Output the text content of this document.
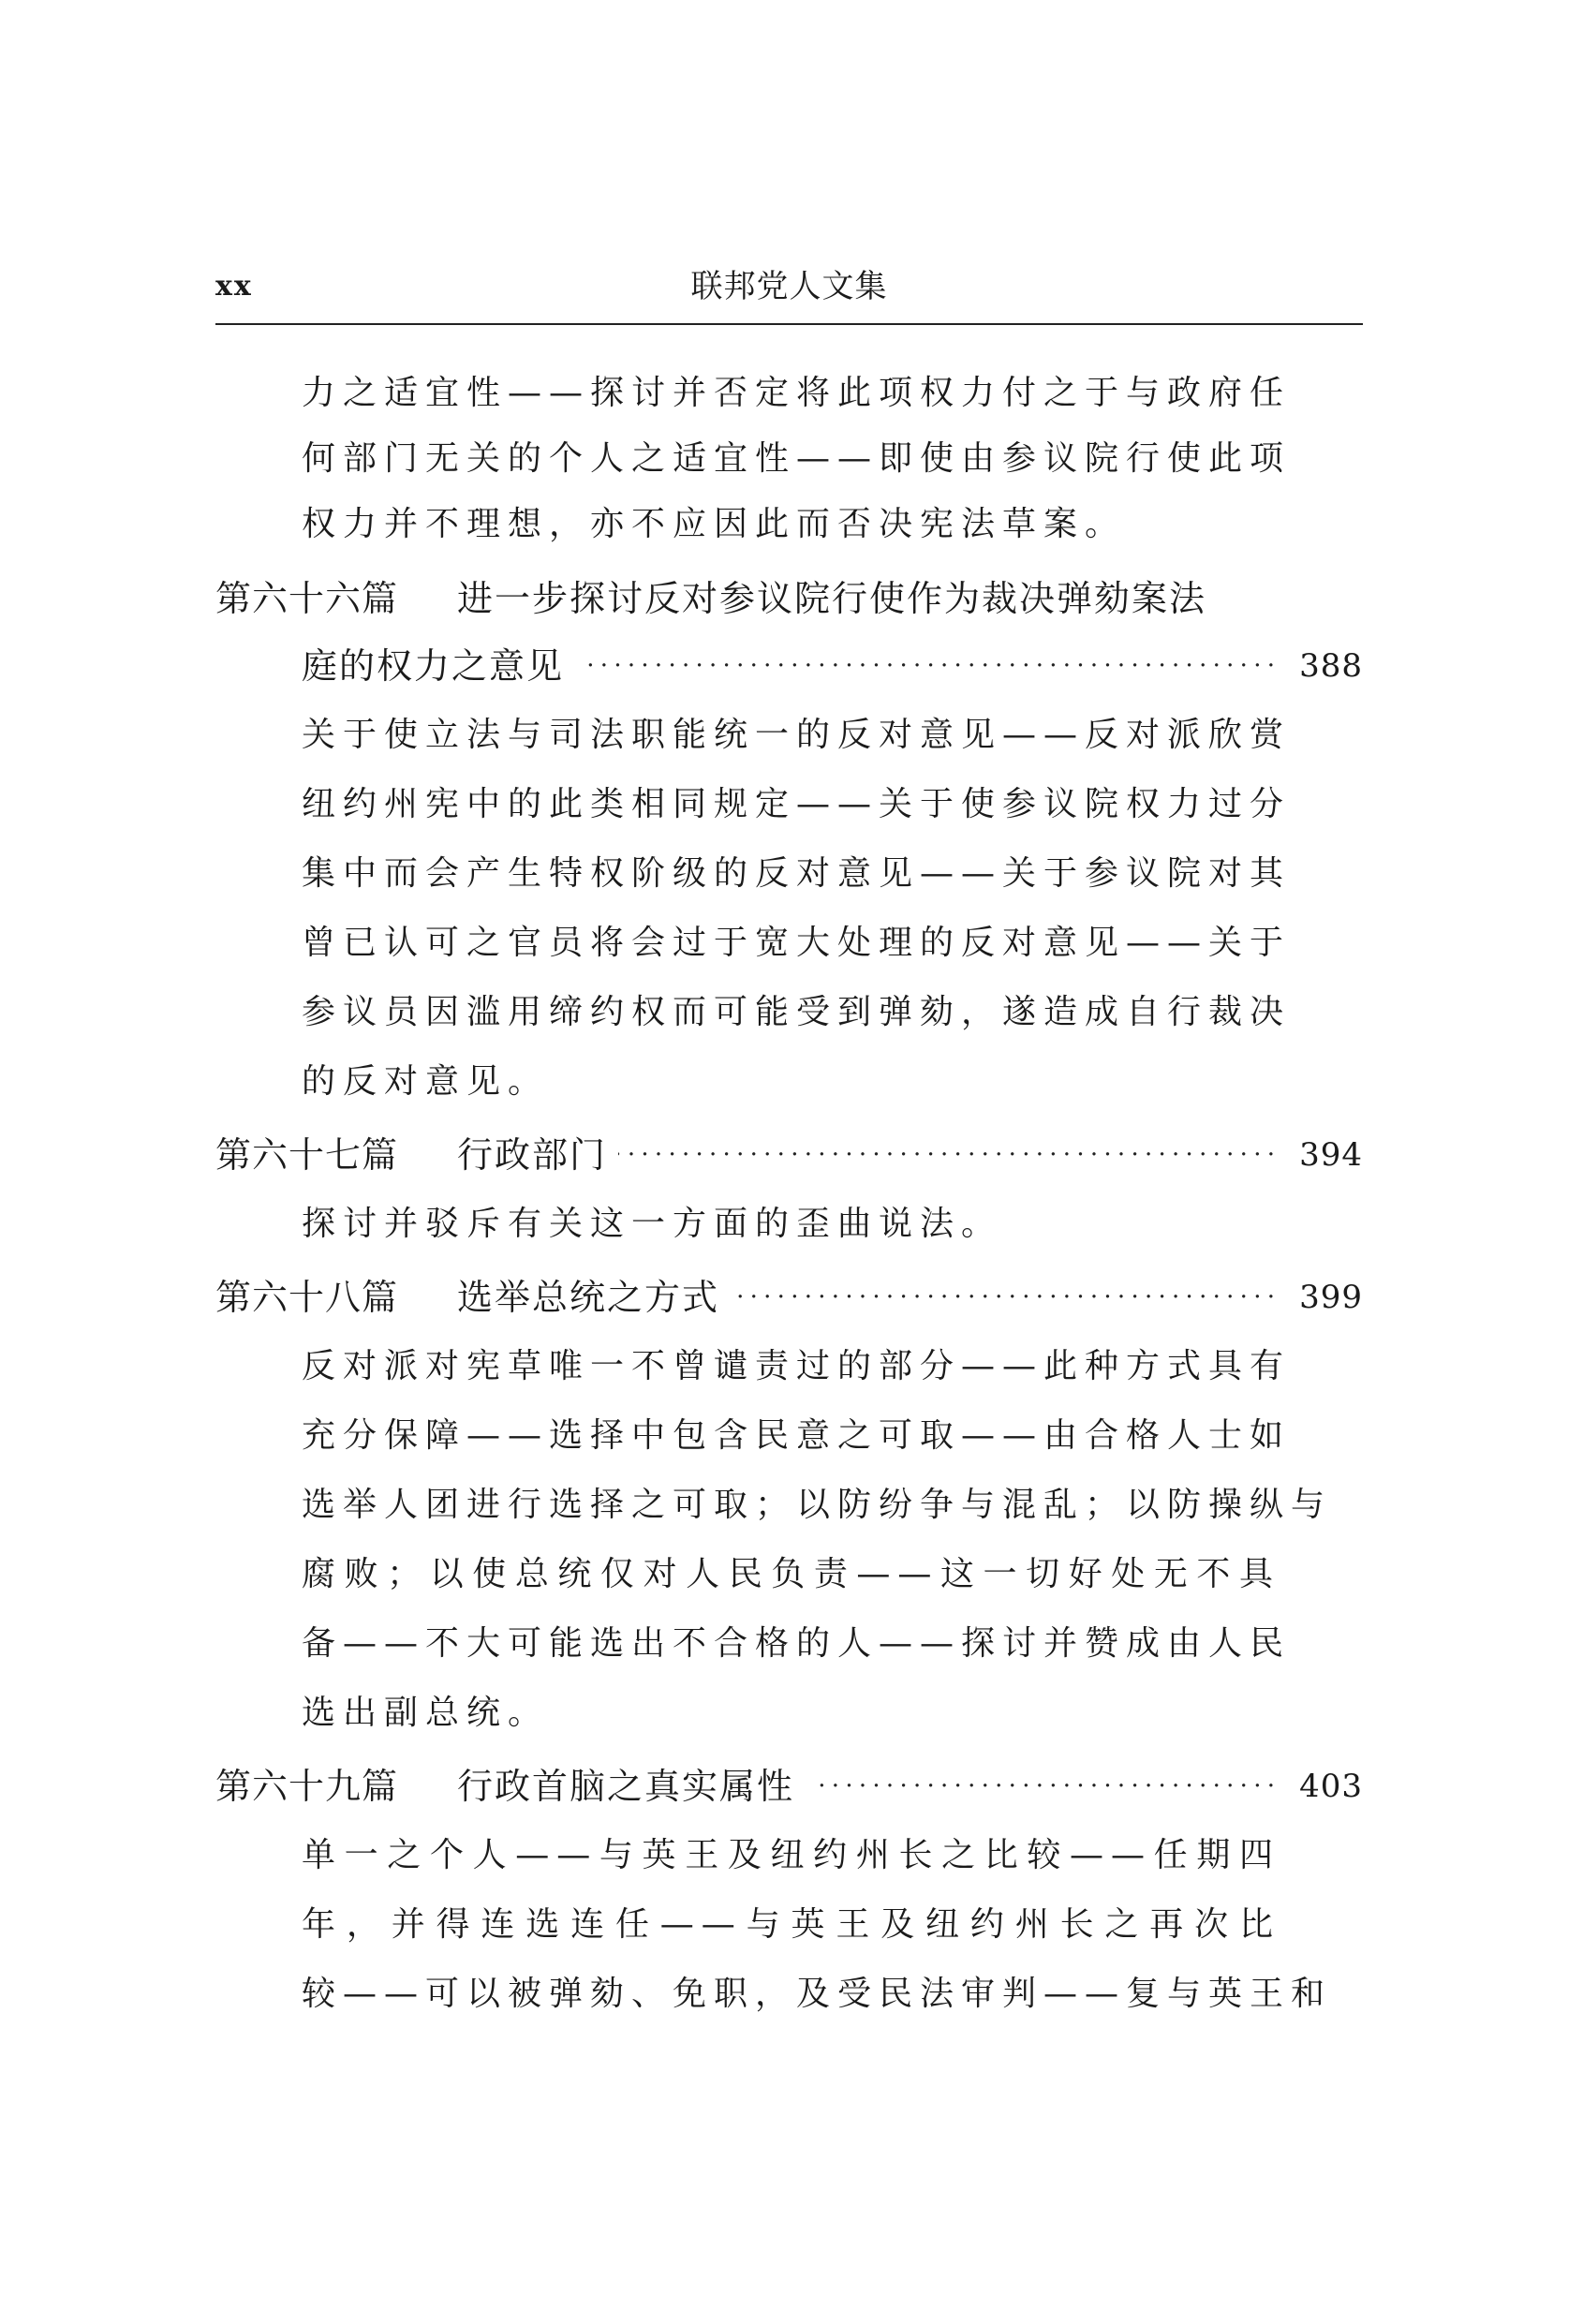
xx	联邦党人文集
力之适宜性——探讨并否定将此项权力付之于与政府任
何部门无关的个人之适宜性——即使由参议院行使此项
权力并不理想，亦不应因此而否决宪法草案。
第六十六篇 进一步探讨反对参议院行使作为裁决弹劾案法
庭的权力之意见 · · ·	388
关于使立法与司法职能统一的反对意见——反对派欣赏
纽约州宪中的此类相同规定——关于使参议院权力过分
集中而会产生特权阶级的反对意见——关于参议院对其
曾已认可之官员将会过于宽大处理的反对意见——关于
参议员因滥用缔约权而可能受到弹劾，遂造成自行裁决
的反对意见。
第六十七篇 行政部门 · · ·	394
探讨并驳斥有关这一方面的歪曲说法。
第六十八篇 选举总统之方式 · · ·	399
反对派对宪草唯一不曾谴责过的部分——此种方式具有
充分保障——选择中包含民意之可取——由合格人士如
选举人团进行选择之可取；以防纷争与混乱；以防操纵与
腐败；以使总统仅对人民负责——这一切好处无不具
备——不大可能选出不合格的人——探讨并赞成由人民
选出副总统。
第六十九篇 行政首脑之真实属性 · · ·	403
单一之个人——与英王及纽约州长之比较——任期四
年，并得连选连任——与英王及纽约州长之再次比
较——可以被弹劾、免职，及受民法审判——复与英王和
